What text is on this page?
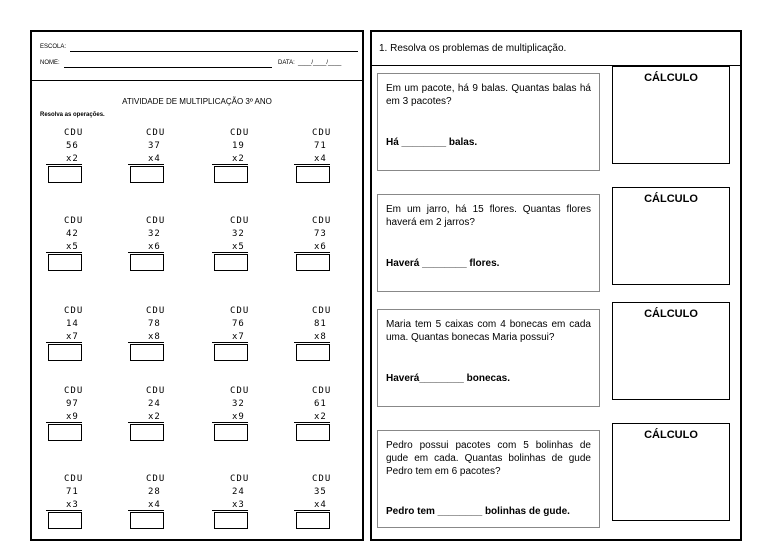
ESCOLA:
NOME:	DATA: ____/____/____
ATIVIDADE DE MULTIPLICAÇÃO 3º ANO
Resolva as operações.
CDU
56
x2
CDU
37
x4
CDU
19
x2
CDU
71
x4
CDU
42
x5
CDU
32
x6
CDU
32
x5
CDU
73
x6
CDU
14
x7
CDU
78
x8
CDU
76
x7
CDU
81
x8
CDU
97
x9
CDU
24
x2
CDU
32
x9
CDU
61
x2
CDU
71
x3
CDU
28
x4
CDU
24
x3
CDU
35
x4
1. Resolva os problemas de multiplicação.
Em um pacote, há 9 balas. Quantas balas há em 3 pacotes?
Há ________ balas.
CÁLCULO
Em um jarro, há 15 flores. Quantas flores haverá em 2 jarros?
Haverá ________ flores.
CÁLCULO
Maria tem 5 caixas com 4 bonecas em cada uma. Quantas bonecas Maria possui?
Haverá________ bonecas.
CÁLCULO
Pedro possui pacotes com 5 bolinhas de gude em cada. Quantas bolinhas de gude Pedro tem em 6 pacotes?
Pedro tem ________ bolinhas de gude.
CÁLCULO
